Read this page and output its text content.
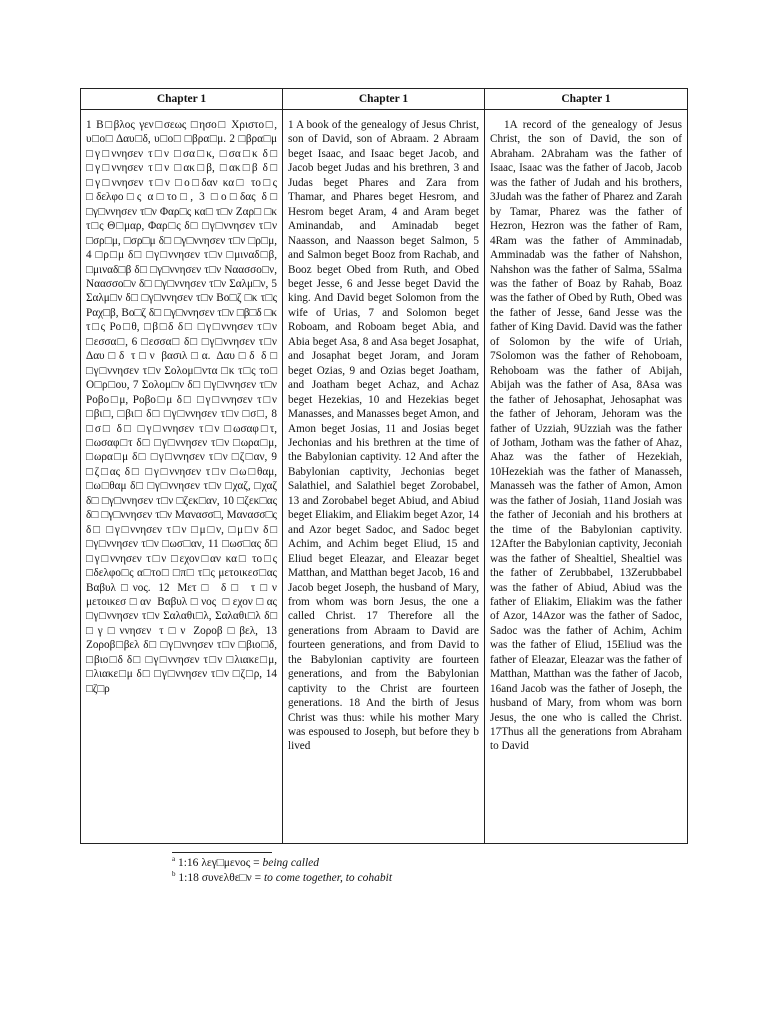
Chapter 1

1 B□βλος γεν□σεως □ησο□ Χριστο□, υ□ο□ Δαυ□δ, υ□ο□ □βρα□μ. 2 □βρα□μ □γ□ννησεν τ□ν □σα□κ, □σα□κ δ□ □γ□ννησεν τ□ν □ακ□β, □ακ□β δ□ □γ□ννησεν τ□ν □ο□δαν κα□ το□ς □δελφο□ς α□το□, 3 □ο□δας δ□ □γ□ννησεν τ□ν Φαρ□ς κα□ τ□ν Ζαρ□ □κ τ□ς Θ□μαρ, Φαρ□ς δ□ □γ□ννησεν τ□ν □σρ□μ, □σρ□μ δ□ □γ□ννησεν τ□ν □ρ□μ, 4 □ρ□μ δ□ □γ□ννησεν τ□ν □μιναδ□β, □μιναδ□β δ□ □γ□ννησεν τ□ν Ναασσο□ν, Ναασσο□ν δ□ □γ□ννησεν τ□ν Σαλμ□ν, 5 Σαλμ□ν δ□ □γ□ννησεν τ□ν Βο□ζ □κ τ□ς Ραχ□β, Βο□ζ δ□ □γ□ννησεν τ□ν □β□δ □κ τ□ς Ρο□θ, □β□δ δ□ □γ□ννησεν τ□ν □εσσα□, 6 □εσσα□ δ□ □γ□ννησεν τ□ν Δαυ□δ τ□ν βασιλ□α. Δαυ□δ δ□ □γ□ννησεν τ□ν Σολομ□ντα □κ τ□ς το□ Ο□ρ□ου, 7 Σολομ□ν δ□ □γ□ννησεν τ□ν Ροβο□μ, Ροβο□μ δ□ □γ□ννησεν τ□ν □βι□, □βι□ δ□ □γ□ννησεν τ□ν □σ□, 8 □σ□ δ□ □γ□ννησεν τ□ν □ωσαφ□τ, □ωσαφ□τ δ□ □γ□ννησεν τ□ν □ωρα□μ, □ωρα□μ δ□ □γ□ννησεν τ□ν □ζ□αν, 9 □ζ□ας δ□ □γ□ννησεν τ□ν □ω□θαμ, □ω□θαμ δ□ □γ□ννησεν τ□ν □χαζ, □χαζ δ□ □γ□ννησεν τ□ν □ζεκ□αν, 10 □ζεκ□ας δ□ □γ□ννησεν τ□ν Μανασσ□, Μανασσ□ς δ□ □γ□ννησεν τ□ν □μ□ν, □μ□ν δ□ □γ□ννησεν τ□ν □ωσ□αν, 11 □ωσ□ας δ□ □γ□ννησεν τ□ν □εχον□αν κα□ το□ς □δελφο□ς α□το□ □π□ τ□ς μετοικεσ□ας Βαβυλ□νος. 12 Μετ□ δ□ τ□ν μετοικεσ□αν Βαβυλ□νος □εχον□ας □γ□ννησεν τ□ν Σαλαθι□λ, Σαλαθι□λ δ□ □γ□ννησεν τ□ν Ζοροβ□βελ, 13 Ζοροβ□βελ δ□ □γ□ννησεν τ□ν □βιο□δ, □βιο□δ δ□ □γ□ννησεν τ□ν □λιακε□μ, □λιακε□μ δ□ □γ□ννησεν τ□ν □ζ□ρ, 14 □ζ□ρ

Chapter 1

1 A book of the genealogy of Jesus Christ, son of David, son of Abraam. 2 Abraam beget Isaac, and Isaac beget Jacob, and Jacob beget Judas and his brethren, 3 and Judas beget Phares and Zara from Thamar, and Phares beget Hesrom, and Hesrom beget Aram, 4 and Aram beget Aminandab, and Aminadab beget Naasson, and Naasson beget Salmon, 5 and Salmon beget Booz from Rachab, and Booz beget Obed from Ruth, and Obed beget Jesse, 6 and Jesse beget David the king. And David beget Solomon from the wife of Urias, 7 and Solomon beget Roboam, and Roboam beget Abia, and Abia beget Asa, 8 and Asa beget Josaphat, and Josaphat beget Joram, and Joram beget Ozias, 9 and Ozias beget Joatham, and Joatham beget Achaz, and Achaz beget Hezekias, 10 and Hezekias beget Manasses, and Manasses beget Amon, and Amon beget Josias, 11 and Josias beget Jechonias and his brethren at the time of the Babylonian captivity. 12 And after the Babylonian captivity, Jechonias beget Salathiel, and Salathiel beget Zorobabel, 13 and Zorobabel beget Abiud, and Abiud beget Eliakim, and Eliakim beget Azor, 14 and Azor beget Sadoc, and Sadoc beget Achim, and Achim beget Eliud, 15 and Eliud beget Eleazar, and Eleazar beget Matthan, and Matthan beget Jacob, 16 and Jacob beget Joseph, the husband of Mary, from whom was born Jesus, the one a called Christ. 17 Therefore all the generations from Abraam to David are fourteen generations, and from David to the Babylonian captivity are fourteen generations, and from the Babylonian captivity to the Christ are fourteen generations. 18 And the birth of Jesus Christ was thus: while his mother Mary was espoused to Joseph, but before they b lived

Chapter 1

1A record of the genealogy of Jesus Christ, the son of David, the son of Abraham. 2Abraham was the father of Isaac, Isaac was the father of Jacob, Jacob was the father of Judah and his brothers, 3Judah was the father of Pharez and Zarah by Tamar, Pharez was the father of Hezron, Hezron was the father of Ram, 4Ram was the father of Amminadab, Amminadab was the father of Nahshon, Nahshon was the father of Salma, 5Salma was the father of Boaz by Rahab, Boaz was the father of Obed by Ruth, Obed was the father of Jesse, 6and Jesse was the father of King David. David was the father of Solomon by the wife of Uriah, 7Solomon was the father of Rehoboam, Rehoboam was the father of Abijah, Abijah was the father of Asa, 8Asa was the father of Jehosaphat, Jehosaphat was the father of Jehoram, Jehoram was the father of Uzziah, 9Uzziah was the father of Jotham, Jotham was the father of Ahaz, Ahaz was the father of Hezekiah, 10Hezekiah was the father of Manasseh, Manasseh was the father of Amon, Amon was the father of Josiah, 11and Josiah was the father of Jeconiah and his brothers at the time of the Babylonian captivity. 12After the Babylonian captivity, Jeconiah was the father of Shealtiel, Shealtiel was the father of Zerubbabel, 13Zerubbabel was the father of Abiud, Abiud was the father of Eliakim, Eliakim was the father of Azor, 14Azor was the father of Sadoc, Sadoc was the father of Achim, Achim was the father of Eliud, 15Eliud was the father of Eleazar, Eleazar was the father of Matthan, Matthan was the father of Jacob, 16and Jacob was the father of Joseph, the husband of Mary, from whom was born Jesus, the one who is called the Christ. 17Thus all the generations from Abraham to David

$^a$ 1:16 λεγ□μενος = being called
$^b$ 1:18 συνελθε□ν = to come together, to cohabit
